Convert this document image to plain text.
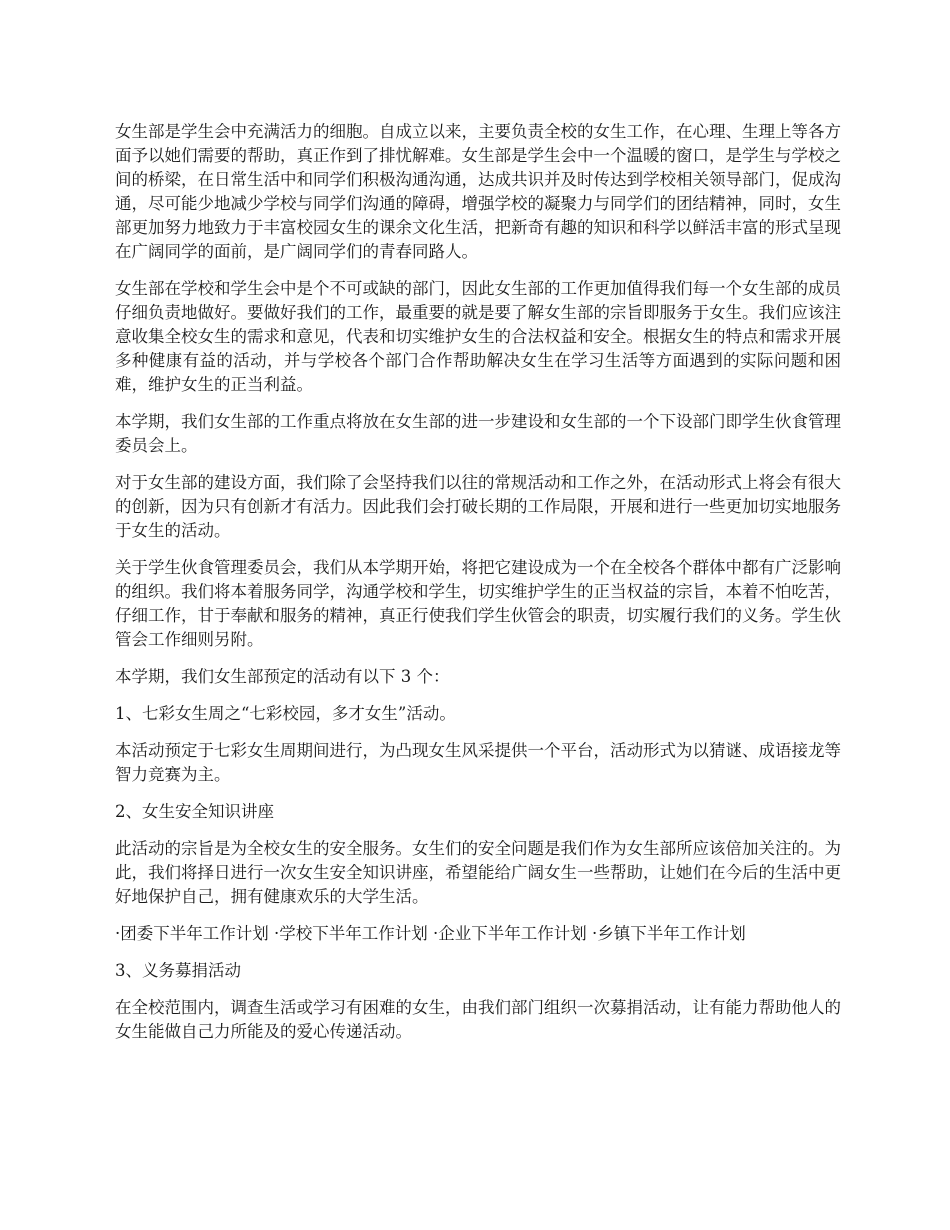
女生部是学生会中充满活力的细胞。自成立以来，主要负责全校的女生工作，在心理、生理上等各方面予以她们需要的帮助，真正作到了排忧解难。女生部是学生会中一个温暖的窗口，是学生与学校之间的桥梁，在日常生活中和同学们积极沟通沟通，达成共识并及时传达到学校相关领导部门，促成沟通，尽可能少地减少学校与同学们沟通的障碍，增强学校的凝聚力与同学们的团结精神，同时，女生部更加努力地致力于丰富校园女生的课余文化生活，把新奇有趣的知识和科学以鲜活丰富的形式呈现在广阔同学的面前，是广阔同学们的青春同路人。

女生部在学校和学生会中是个不可或缺的部门，因此女生部的工作更加值得我们每一个女生部的成员仔细负责地做好。要做好我们的工作，最重要的就是要了解女生部的宗旨即服务于女生。我们应该注意收集全校女生的需求和意见，代表和切实维护女生的合法权益和安全。根据女生的特点和需求开展多种健康有益的活动，并与学校各个部门合作帮助解决女生在学习生活等方面遇到的实际问题和困难，维护女生的正当利益。

本学期，我们女生部的工作重点将放在女生部的进一步建设和女生部的一个下设部门即学生伙食管理委员会上。

对于女生部的建设方面，我们除了会坚持我们以往的常规活动和工作之外，在活动形式上将会有很大的创新，因为只有创新才有活力。因此我们会打破长期的工作局限，开展和进行一些更加切实地服务于女生的活动。

关于学生伙食管理委员会，我们从本学期开始，将把它建设成为一个在全校各个群体中都有广泛影响的组织。我们将本着服务同学，沟通学校和学生，切实维护学生的正当权益的宗旨，本着不怕吃苦，仔细工作，甘于奉献和服务的精神，真正行使我们学生伙管会的职责，切实履行我们的义务。学生伙管会工作细则另附。

本学期，我们女生部预定的活动有以下 3 个：

1、七彩女生周之“七彩校园，多才女生”活动。

本活动预定于七彩女生周期间进行，为凸现女生风采提供一个平台，活动形式为以猜谜、成语接龙等智力竞赛为主。

2、女生安全知识讲座

此活动的宗旨是为全校女生的安全服务。女生们的安全问题是我们作为女生部所应该倍加关注的。为此，我们将择日进行一次女生安全知识讲座，希望能给广阔女生一些帮助，让她们在今后的生活中更好地保护自己，拥有健康欢乐的大学生活。

·团委下半年工作计划 ·学校下半年工作计划 ·企业下半年工作计划 ·乡镇下半年工作计划

3、义务募捐活动

在全校范围内，调查生活或学习有困难的女生，由我们部门组织一次募捐活动，让有能力帮助他人的女生能做自己力所能及的爱心传递活动。
